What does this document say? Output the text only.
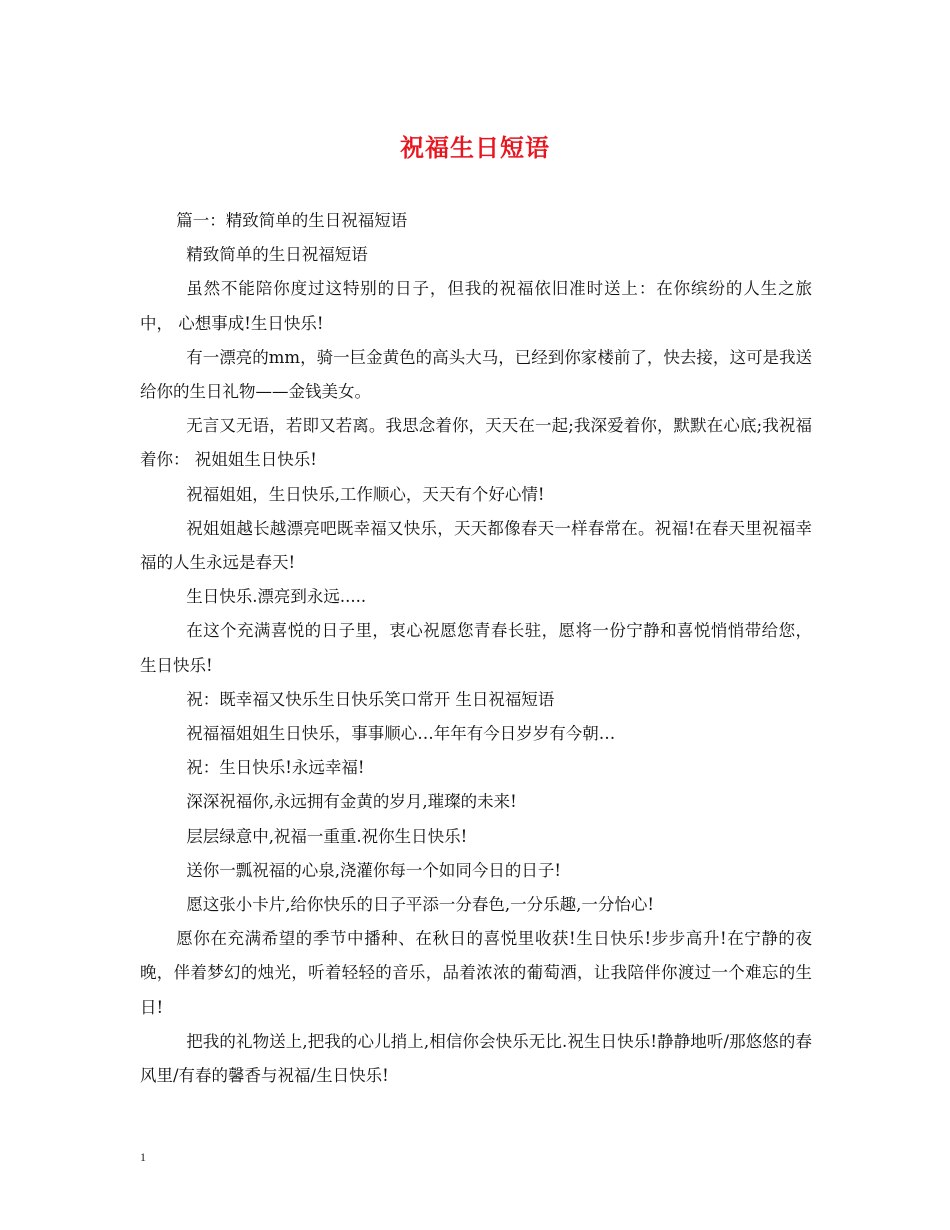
祝福生日短语

篇一：精致简单的生日祝福短语

精致简单的生日祝福短语

虽然不能陪你度过这特别的日子，但我的祝福依旧准时送上：在你缤纷的人生之旅中， 心想事成!生日快乐!

有一漂亮的mm，骑一巨金黄色的高头大马，已经到你家楼前了，快去接，这可是我送给你的生日礼物——金钱美女。

无言又无语，若即又若离。我思念着你，天天在一起;我深爱着你，默默在心底;我祝福着你： 祝姐姐生日快乐!

祝福姐姐，生日快乐,工作顺心，天天有个好心情!

祝姐姐越长越漂亮吧既幸福又快乐，天天都像春天一样春常在。祝福!在春天里祝福幸福的人生永远是春天!

生日快乐.漂亮到永远.....

在这个充满喜悦的日子里，衷心祝愿您青春长驻，愿将一份宁静和喜悦悄悄带给您，生日快乐!

祝：既幸福又快乐生日快乐笑口常开 生日祝福短语

祝福福姐姐生日快乐，事事顺心…年年有今日岁岁有今朝…

祝：生日快乐!永远幸福!

深深祝福你,永远拥有金黄的岁月,璀璨的未来!

层层绿意中,祝福一重重.祝你生日快乐!

送你一瓢祝福的心泉,浇灌你每一个如同今日的日子!

愿这张小卡片,给你快乐的日子平添一分春色,一分乐趣,一分怡心!

愿你在充满希望的季节中播种、在秋日的喜悦里收获!生日快乐!步步高升!在宁静的夜晚，伴着梦幻的烛光，听着轻轻的音乐，品着浓浓的葡萄酒，让我陪伴你渡过一个难忘的生日!

把我的礼物送上,把我的心儿捎上,相信你会快乐无比.祝生日快乐!静静地听/那悠悠的春风里/有春的馨香与祝福/生日快乐!

1
